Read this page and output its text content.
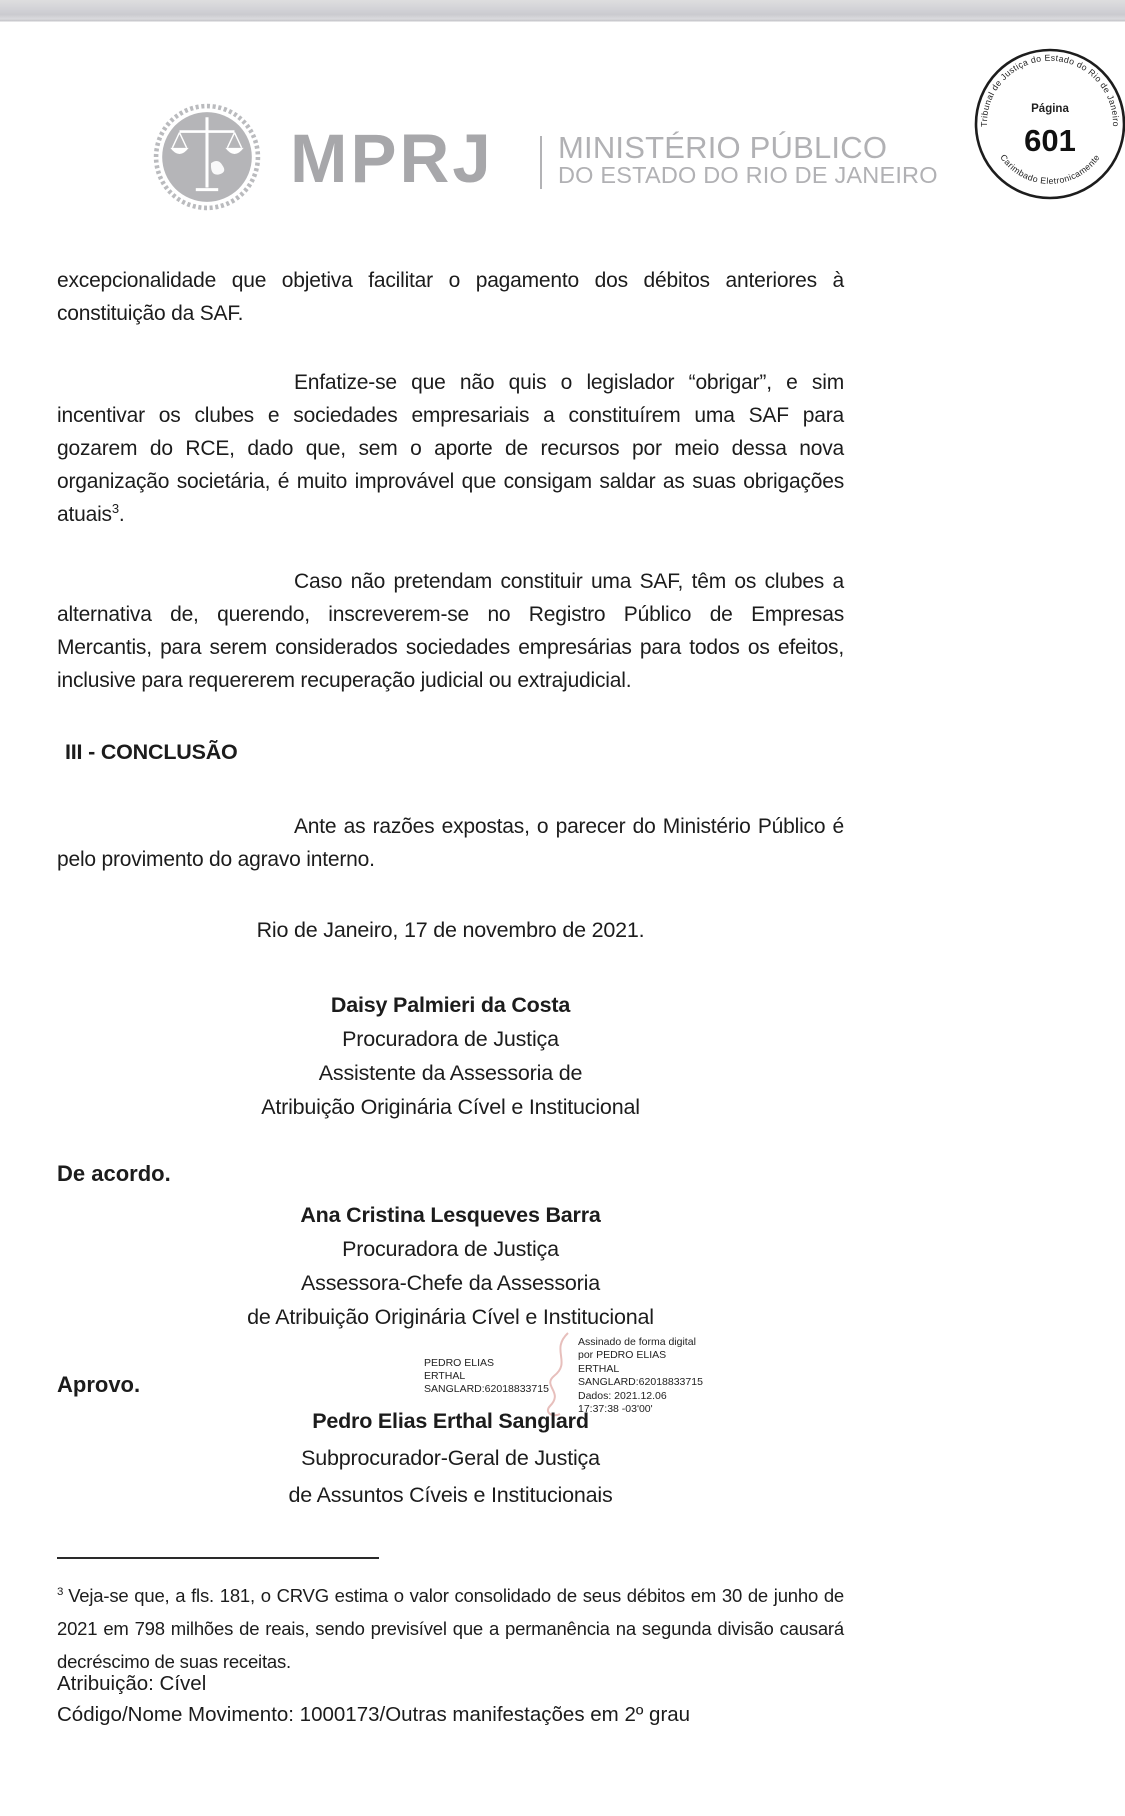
MPRJ MINISTÉRIO PÚBLICO
DO ESTADO DO RIO DE JANEIRO
Tribunal de Justiça do Estado do Rio de Janeiro
Página
601
Carimbado Eletronicamente
excepcionalidade que objetiva facilitar o pagamento dos débitos anteriores à
constituição da SAF.
Enfatize-se que não quis o legislador “obrigar”, e sim
incentivar os clubes e sociedades empresariais a constituírem uma SAF para
gozarem do RCE, dado que, sem o aporte de recursos por meio dessa nova
organização societária, é muito improvável que consigam saldar as suas obrigações
atuais$^3$.
Caso não pretendam constituir uma SAF, têm os clubes a
alternativa de, querendo, inscreverem-se no Registro Público de Empresas
Mercantis, para serem considerados sociedades empresárias para todos os efeitos,
inclusive para requererem recuperação judicial ou extrajudicial.
III - CONCLUSÃO
Ante as razões expostas, o parecer do Ministério Público é
pelo provimento do agravo interno.
Rio de Janeiro, 17 de novembro de 2021.
Daisy Palmieri da Costa
Procuradora de Justiça
Assistente da Assessoria de
Atribuição Originária Cível e Institucional
De acordo.
Ana Cristina Lesqueves Barra
Procuradora de Justiça
Assessora-Chefe da Assessoria
de Atribuição Originária Cível e Institucional
PEDRO ELIAS ERTHAL
SANGLARD:62018833715
Assinado de forma digital
por PEDRO ELIAS ERTHAL
SANGLARD:62018833715
Dados: 2021.12.06
17:37:38 -03'00'
Aprovo.
Pedro Elias Erthal Sanglard
Subprocurador-Geral de Justiça
de Assuntos Cíveis e Institucionais
$^3$ Veja-se que, a fls. 181, o CRVG estima o valor consolidado de seus débitos em 30 de junho de
2021 em 798 milhões de reais, sendo previsível que a permanência na segunda divisão causará
decréscimo de suas receitas.
Atribuição: Cível
Código/Nome Movimento: 1000173/Outras manifestações em 2º grau
